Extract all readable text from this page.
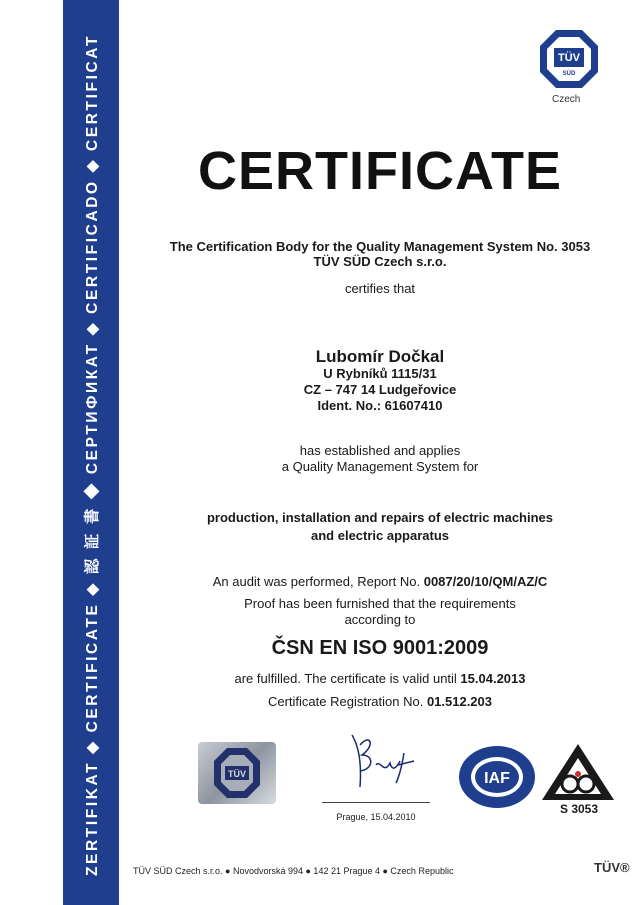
ZERTIFIKAT ◆ CERTIFICATE ◆ 認 証 書 ◆ СЕРТИФИКАТ ◆ CERTIFICADO ◆ CERTIFICAT	TÜV
SÜD
Czech
CERTIFICATE
The Certification Body for the Quality Management System No. 3053
TÜV SÜD Czech s.r.o.
certifies that
Lubomír Dočkal
U Rybníků 1115/31
CZ – 747 14 Ludgeřovice
Ident. No.: 61607410
has established and applies
a Quality Management System for
production, installation and repairs of electric machines
and electric apparatus
An audit was performed, Report No. 0087/20/10/QM/AZ/C
Proof has been furnished that the requirements
according to
ČSN EN ISO 9001:2009
are fulfilled. The certificate is valid until 15.04.2013
Certificate Registration No. 01.512.203
TÜV
Prague, 15.04.2010
IAF
S 3053
TÜV SÜD Czech s.r.o. ● Novodvorská 994 ● 142 21 Prague 4 ● Czech Republic	TÜV®
